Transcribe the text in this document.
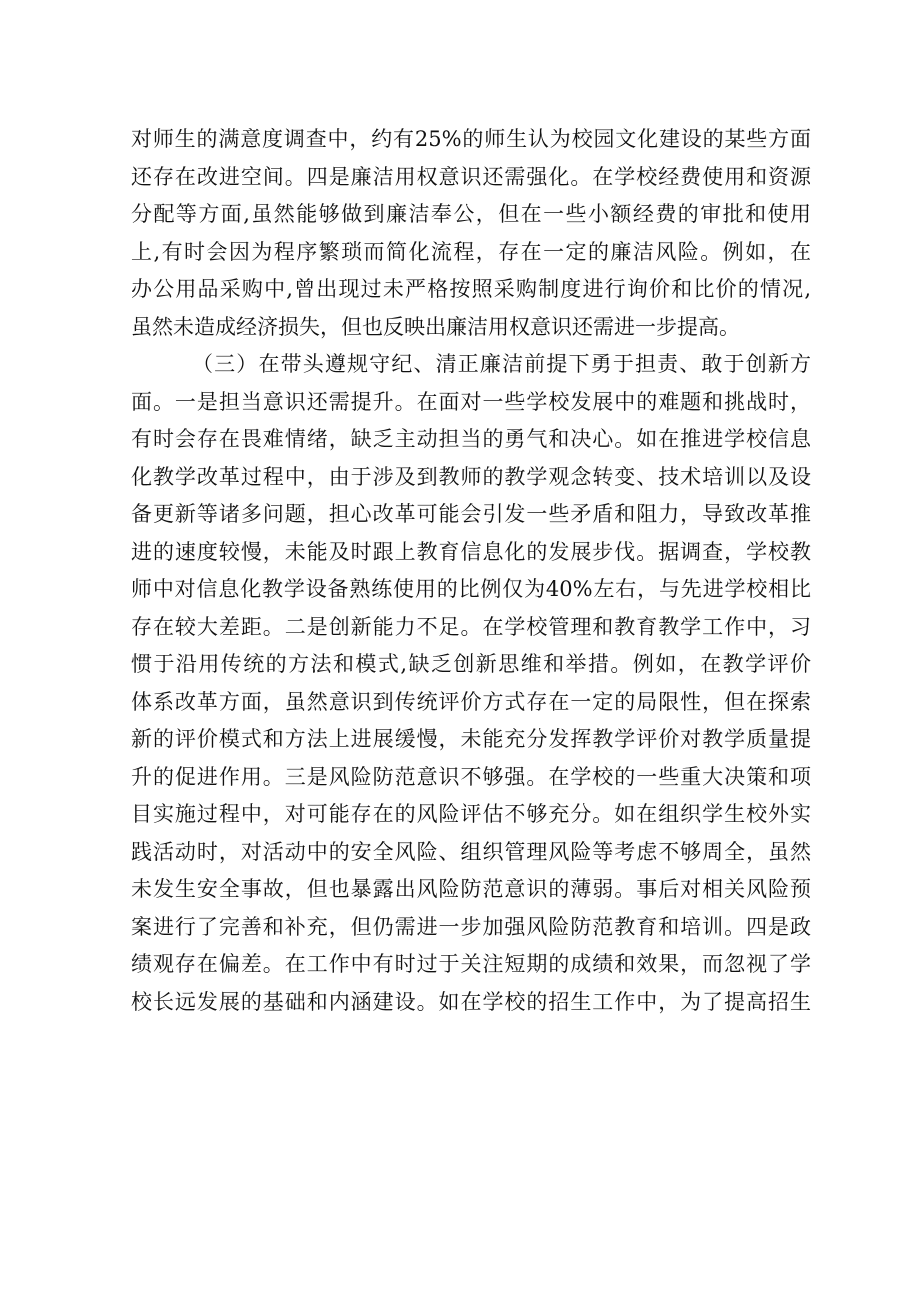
对师生的满意度调查中，约有25%的师生认为校园文化建设的某些方面
还存在改进空间。四是廉洁用权意识还需强化。在学校经费使用和资源
分配等方面,虽然能够做到廉洁奉公，但在一些小额经费的审批和使用
上,有时会因为程序繁琐而简化流程，存在一定的廉洁风险。例如，在
办公用品采购中,曾出现过未严格按照采购制度进行询价和比价的情况,
虽然未造成经济损失，但也反映出廉洁用权意识还需进一步提高。
（三）在带头遵规守纪、清正廉洁前提下勇于担责、敢于创新方
面。一是担当意识还需提升。在面对一些学校发展中的难题和挑战时，
有时会存在畏难情绪，缺乏主动担当的勇气和决心。如在推进学校信息
化教学改革过程中，由于涉及到教师的教学观念转变、技术培训以及设
备更新等诸多问题，担心改革可能会引发一些矛盾和阻力，导致改革推
进的速度较慢，未能及时跟上教育信息化的发展步伐。据调查，学校教
师中对信息化教学设备熟练使用的比例仅为40%左右，与先进学校相比
存在较大差距。二是创新能力不足。在学校管理和教育教学工作中，习
惯于沿用传统的方法和模式,缺乏创新思维和举措。例如，在教学评价
体系改革方面，虽然意识到传统评价方式存在一定的局限性，但在探索
新的评价模式和方法上进展缓慢，未能充分发挥教学评价对教学质量提
升的促进作用。三是风险防范意识不够强。在学校的一些重大决策和项
目实施过程中，对可能存在的风险评估不够充分。如在组织学生校外实
践活动时，对活动中的安全风险、组织管理风险等考虑不够周全，虽然
未发生安全事故，但也暴露出风险防范意识的薄弱。事后对相关风险预
案进行了完善和补充，但仍需进一步加强风险防范教育和培训。四是政
绩观存在偏差。在工作中有时过于关注短期的成绩和效果，而忽视了学
校长远发展的基础和内涵建设。如在学校的招生工作中，为了提高招生
